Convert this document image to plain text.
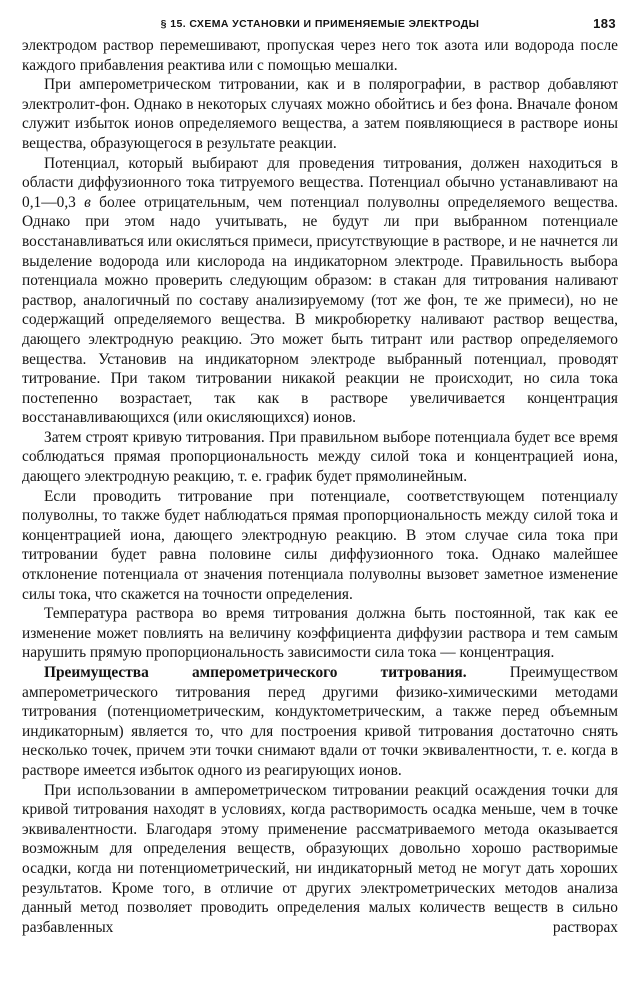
§ 15. СХЕМА УСТАНОВКИ И ПРИМЕНЯЕМЫЕ ЭЛЕКТРОДЫ	183

электродом раствор перемешивают, пропуская через него ток азота или водорода после каждого прибавления реактива или с помощью мешалки.

При амперометрическом титровании, как и в полярографии, в раствор добавляют электролит-фон. Однако в некоторых случаях можно обойтись и без фона. Вначале фоном служит избыток ионов определяемого вещества, а затем появляющиеся в растворе ионы вещества, образующегося в результате реакции.

Потенциал, который выбирают для проведения титрования, должен находиться в области диффузионного тока титруемого вещества. Потенциал обычно устанавливают на 0,1—0,3 в более отрицательным, чем потенциал полуволны определяемого вещества. Однако при этом надо учитывать, не будут ли при выбранном потенциале восстанавливаться или окисляться примеси, присутствующие в растворе, и не начнется ли выделение водорода или кислорода на индикаторном электроде. Правильность выбора потенциала можно проверить следующим образом: в стакан для титрования наливают раствор, аналогичный по составу анализируемому (тот же фон, те же примеси), но не содержащий определяемого вещества. В микробюретку наливают раствор вещества, дающего электродную реакцию. Это может быть титрант или раствор определяемого вещества. Установив на индикаторном электроде выбранный потенциал, проводят титрование. При таком титровании никакой реакции не происходит, но сила тока постепенно возрастает, так как в растворе увеличивается концентрация восстанавливающихся (или окисляющихся) ионов.

Затем строят кривую титрования. При правильном выборе потенциала будет все время соблюдаться прямая пропорциональность между силой тока и концентрацией иона, дающего электродную реакцию, т. е. график будет прямолинейным.

Если проводить титрование при потенциале, соответствующем потенциалу полуволны, то также будет наблюдаться прямая пропорциональность между силой тока и концентрацией иона, дающего электродную реакцию. В этом случае сила тока при титровании будет равна половине силы диффузионного тока. Однако малейшее отклонение потенциала от значения потенциала полуволны вызовет заметное изменение силы тока, что скажется на точности определения.

Температура раствора во время титрования должна быть постоянной, так как ее изменение может повлиять на величину коэффициента диффузии раствора и тем самым нарушить прямую пропорциональность зависимости сила тока — концентрация.

Преимущества амперометрического титрования. Преимуществом амперометрического титрования перед другими физико-химическими методами титрования (потенциометрическим, кондуктометрическим, а также перед объемным индикаторным) является то, что для построения кривой титрования достаточно снять несколько точек, причем эти точки снимают вдали от точки эквивалентности, т. е. когда в растворе имеется избыток одного из реагирующих ионов.

При использовании в амперометрическом титровании реакций осаждения точки для кривой титрования находят в условиях, когда растворимость осадка меньше, чем в точке эквивалентности. Благодаря этому применение рассматриваемого метода оказывается возможным для определения веществ, образующих довольно хорошо растворимые осадки, когда ни потенциометрический, ни индикаторный метод не могут дать хороших результатов. Кроме того, в отличие от других электрометрических методов анализа данный метод позволяет проводить определения малых количеств веществ в сильно разбавленных растворах
